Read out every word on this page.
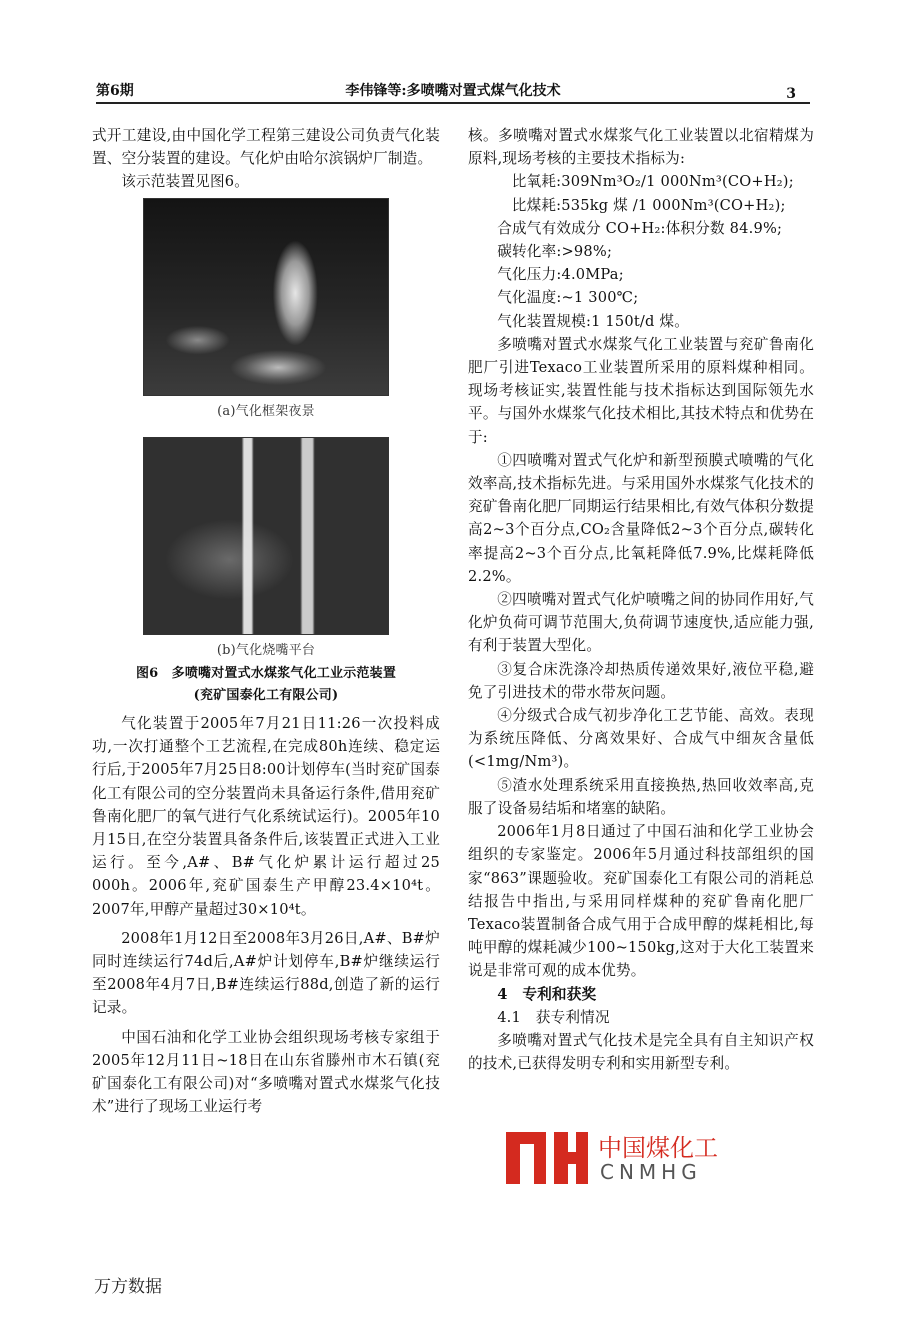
第6期	李伟锋等:多喷嘴对置式煤气化技术	3

式开工建设,由中国化学工程第三建设公司负责气化装置、空分装置的建设。气化炉由哈尔滨锅炉厂制造。

该示范装置见图6。

(a)气化框架夜景
(b)气化烧嘴平台
图6　多喷嘴对置式水煤浆气化工业示范装置
(兖矿国泰化工有限公司)

气化装置于2005年7月21日11:26一次投料成功,一次打通整个工艺流程,在完成80h连续、稳定运行后,于2005年7月25日8:00计划停车(当时兖矿国泰化工有限公司的空分装置尚未具备运行条件,借用兖矿鲁南化肥厂的氧气进行气化系统试运行)。2005年10月15日,在空分装置具备条件后,该装置正式进入工业运行。至今,A#、B#气化炉累计运行超过25 000h。2006年,兖矿国泰生产甲醇23.4×10⁴t。2007年,甲醇产量超过30×10⁴t。

2008年1月12日至2008年3月26日,A#、B#炉同时连续运行74d后,A#炉计划停车,B#炉继续运行至2008年4月7日,B#连续运行88d,创造了新的运行记录。

中国石油和化学工业协会组织现场考核专家组于2005年12月11日~18日在山东省滕州市木石镇(兖矿国泰化工有限公司)对“多喷嘴对置式水煤浆气化技术”进行了现场工业运行考

核。多喷嘴对置式水煤浆气化工业装置以北宿精煤为原料,现场考核的主要技术指标为:

比氧耗:309Nm³O₂/1 000Nm³(CO+H₂);

比煤耗:535kg 煤 /1 000Nm³(CO+H₂);

合成气有效成分 CO+H₂:体积分数 84.9%;

碳转化率:>98%;

气化压力:4.0MPa;

气化温度:~1 300℃;

气化装置规模:1 150t/d 煤。

多喷嘴对置式水煤浆气化工业装置与兖矿鲁南化肥厂引进Texaco工业装置所采用的原料煤种相同。现场考核证实,装置性能与技术指标达到国际领先水平。与国外水煤浆气化技术相比,其技术特点和优势在于:

①四喷嘴对置式气化炉和新型预膜式喷嘴的气化效率高,技术指标先进。与采用国外水煤浆气化技术的兖矿鲁南化肥厂同期运行结果相比,有效气体积分数提高2~3个百分点,CO₂含量降低2~3个百分点,碳转化率提高2~3个百分点,比氧耗降低7.9%,比煤耗降低2.2%。

②四喷嘴对置式气化炉喷嘴之间的协同作用好,气化炉负荷可调节范围大,负荷调节速度快,适应能力强,有利于装置大型化。

③复合床洗涤冷却热质传递效果好,液位平稳,避免了引进技术的带水带灰问题。

④分级式合成气初步净化工艺节能、高效。表现为系统压降低、分离效果好、合成气中细灰含量低(<1mg/Nm³)。

⑤渣水处理系统采用直接换热,热回收效率高,克服了设备易结垢和堵塞的缺陷。

2006年1月8日通过了中国石油和化学工业协会组织的专家鉴定。2006年5月通过科技部组织的国家“863”课题验收。兖矿国泰化工有限公司的消耗总结报告中指出,与采用同样煤种的兖矿鲁南化肥厂Texaco装置制备合成气用于合成甲醇的煤耗相比,每吨甲醇的煤耗减少100~150kg,这对于大化工装置来说是非常可观的成本优势。

4　专利和获奖

4.1　获专利情况

多喷嘴对置式气化技术是完全具有自主知识产权的技术,已获得发明专利和实用新型专利。

中国煤化工
CNMHG
万方数据
